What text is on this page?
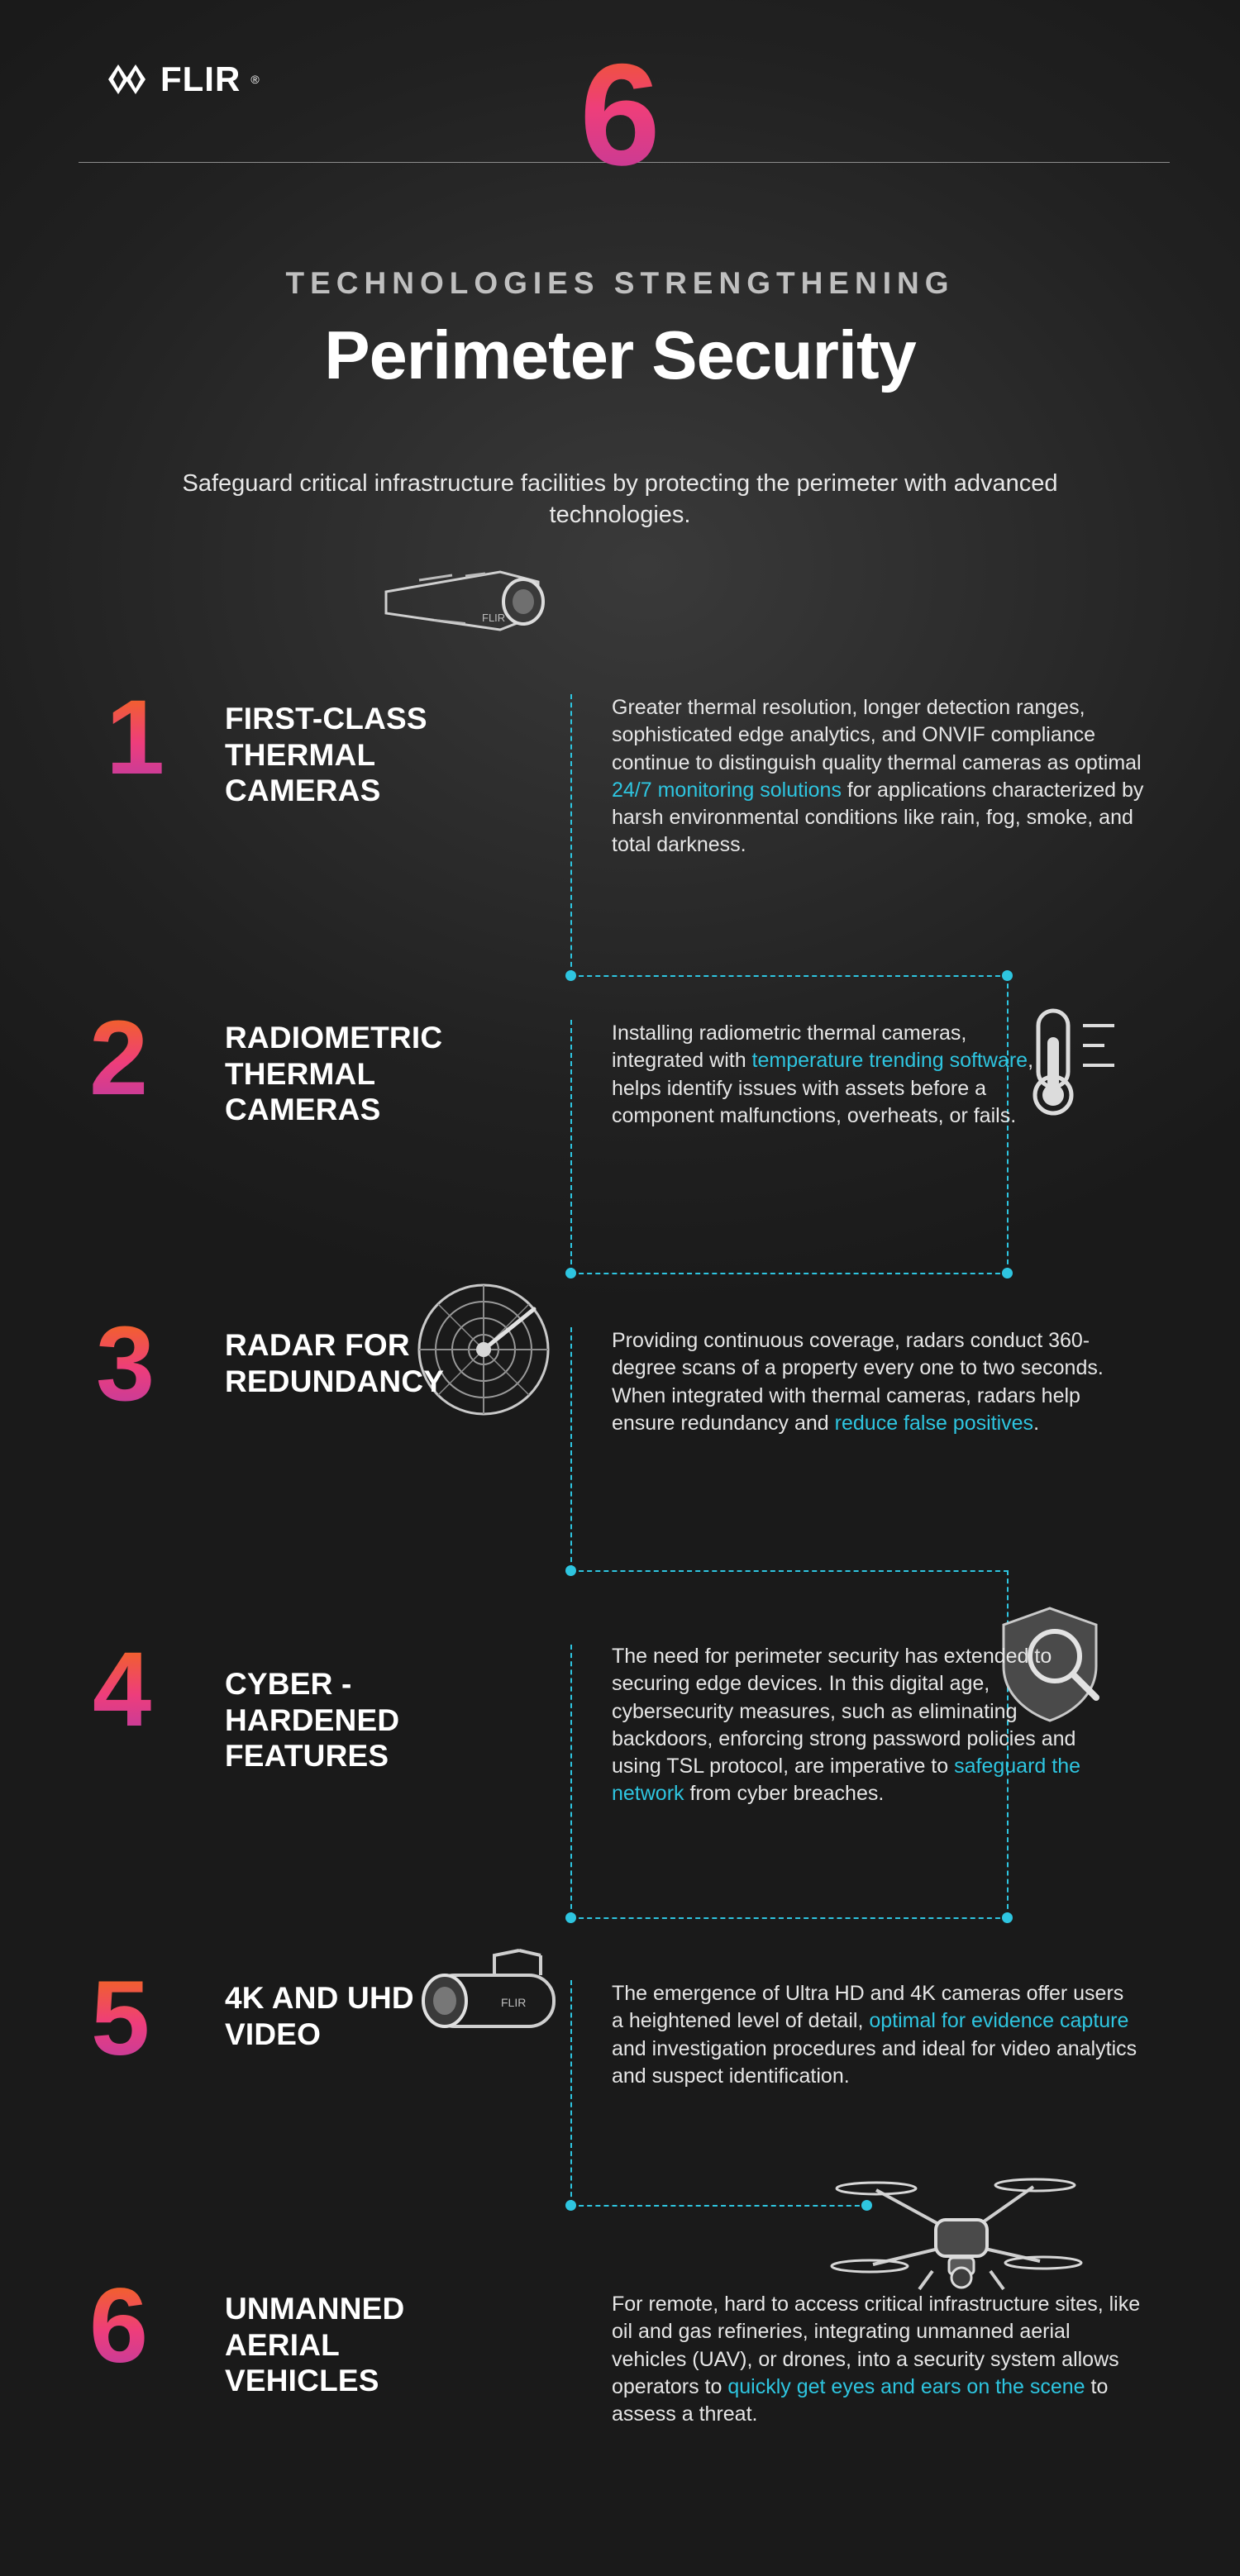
6
TECHNOLOGIES STRENGTHENING
Perimeter Security
Safeguard critical infrastructure facilities by protecting the perimeter with advanced technologies.
FLIR
1 FIRST-CLASS THERMAL CAMERAS
Greater thermal resolution, longer detection ranges, sophisticated edge analytics, and ONVIF compliance continue to distinguish quality thermal cameras as optimal 24/7 monitoring solutions for applications characterized by harsh environmental conditions like rain, fog, smoke, and total darkness.
2	RADIOMETRIC THERMAL CAMERAS
Installing radiometric thermal cameras, integrated with temperature trending software, helps identify issues with assets before a component malfunctions, overheats, or fails.
3 RADAR FOR REDUNDANCY
Providing continuous coverage, radars conduct 360-degree scans of a property every one to two seconds. When integrated with thermal cameras, radars help ensure redundancy and reduce false positives.
4 CYBER -HARDENED FEATURES
The need for perimeter security has extended to securing edge devices. In this digital age, cybersecurity measures, such as eliminating backdoors, enforcing strong password policies and using TSL protocol, are imperative to safeguard the network from cyber breaches.
FLIR
5 4K AND UHD VIDEO
The emergence of Ultra HD and 4K cameras offer users a heightened level of detail, optimal for evidence capture and investigation procedures and ideal for video analytics and suspect identification.
6	UNMANNED AERIAL VEHICLES
For remote, hard to access critical infrastructure sites, like oil and gas refineries, integrating unmanned aerial vehicles (UAV), or drones, into a security system allows operators to quickly get eyes and ears on the scene to assess a threat.
